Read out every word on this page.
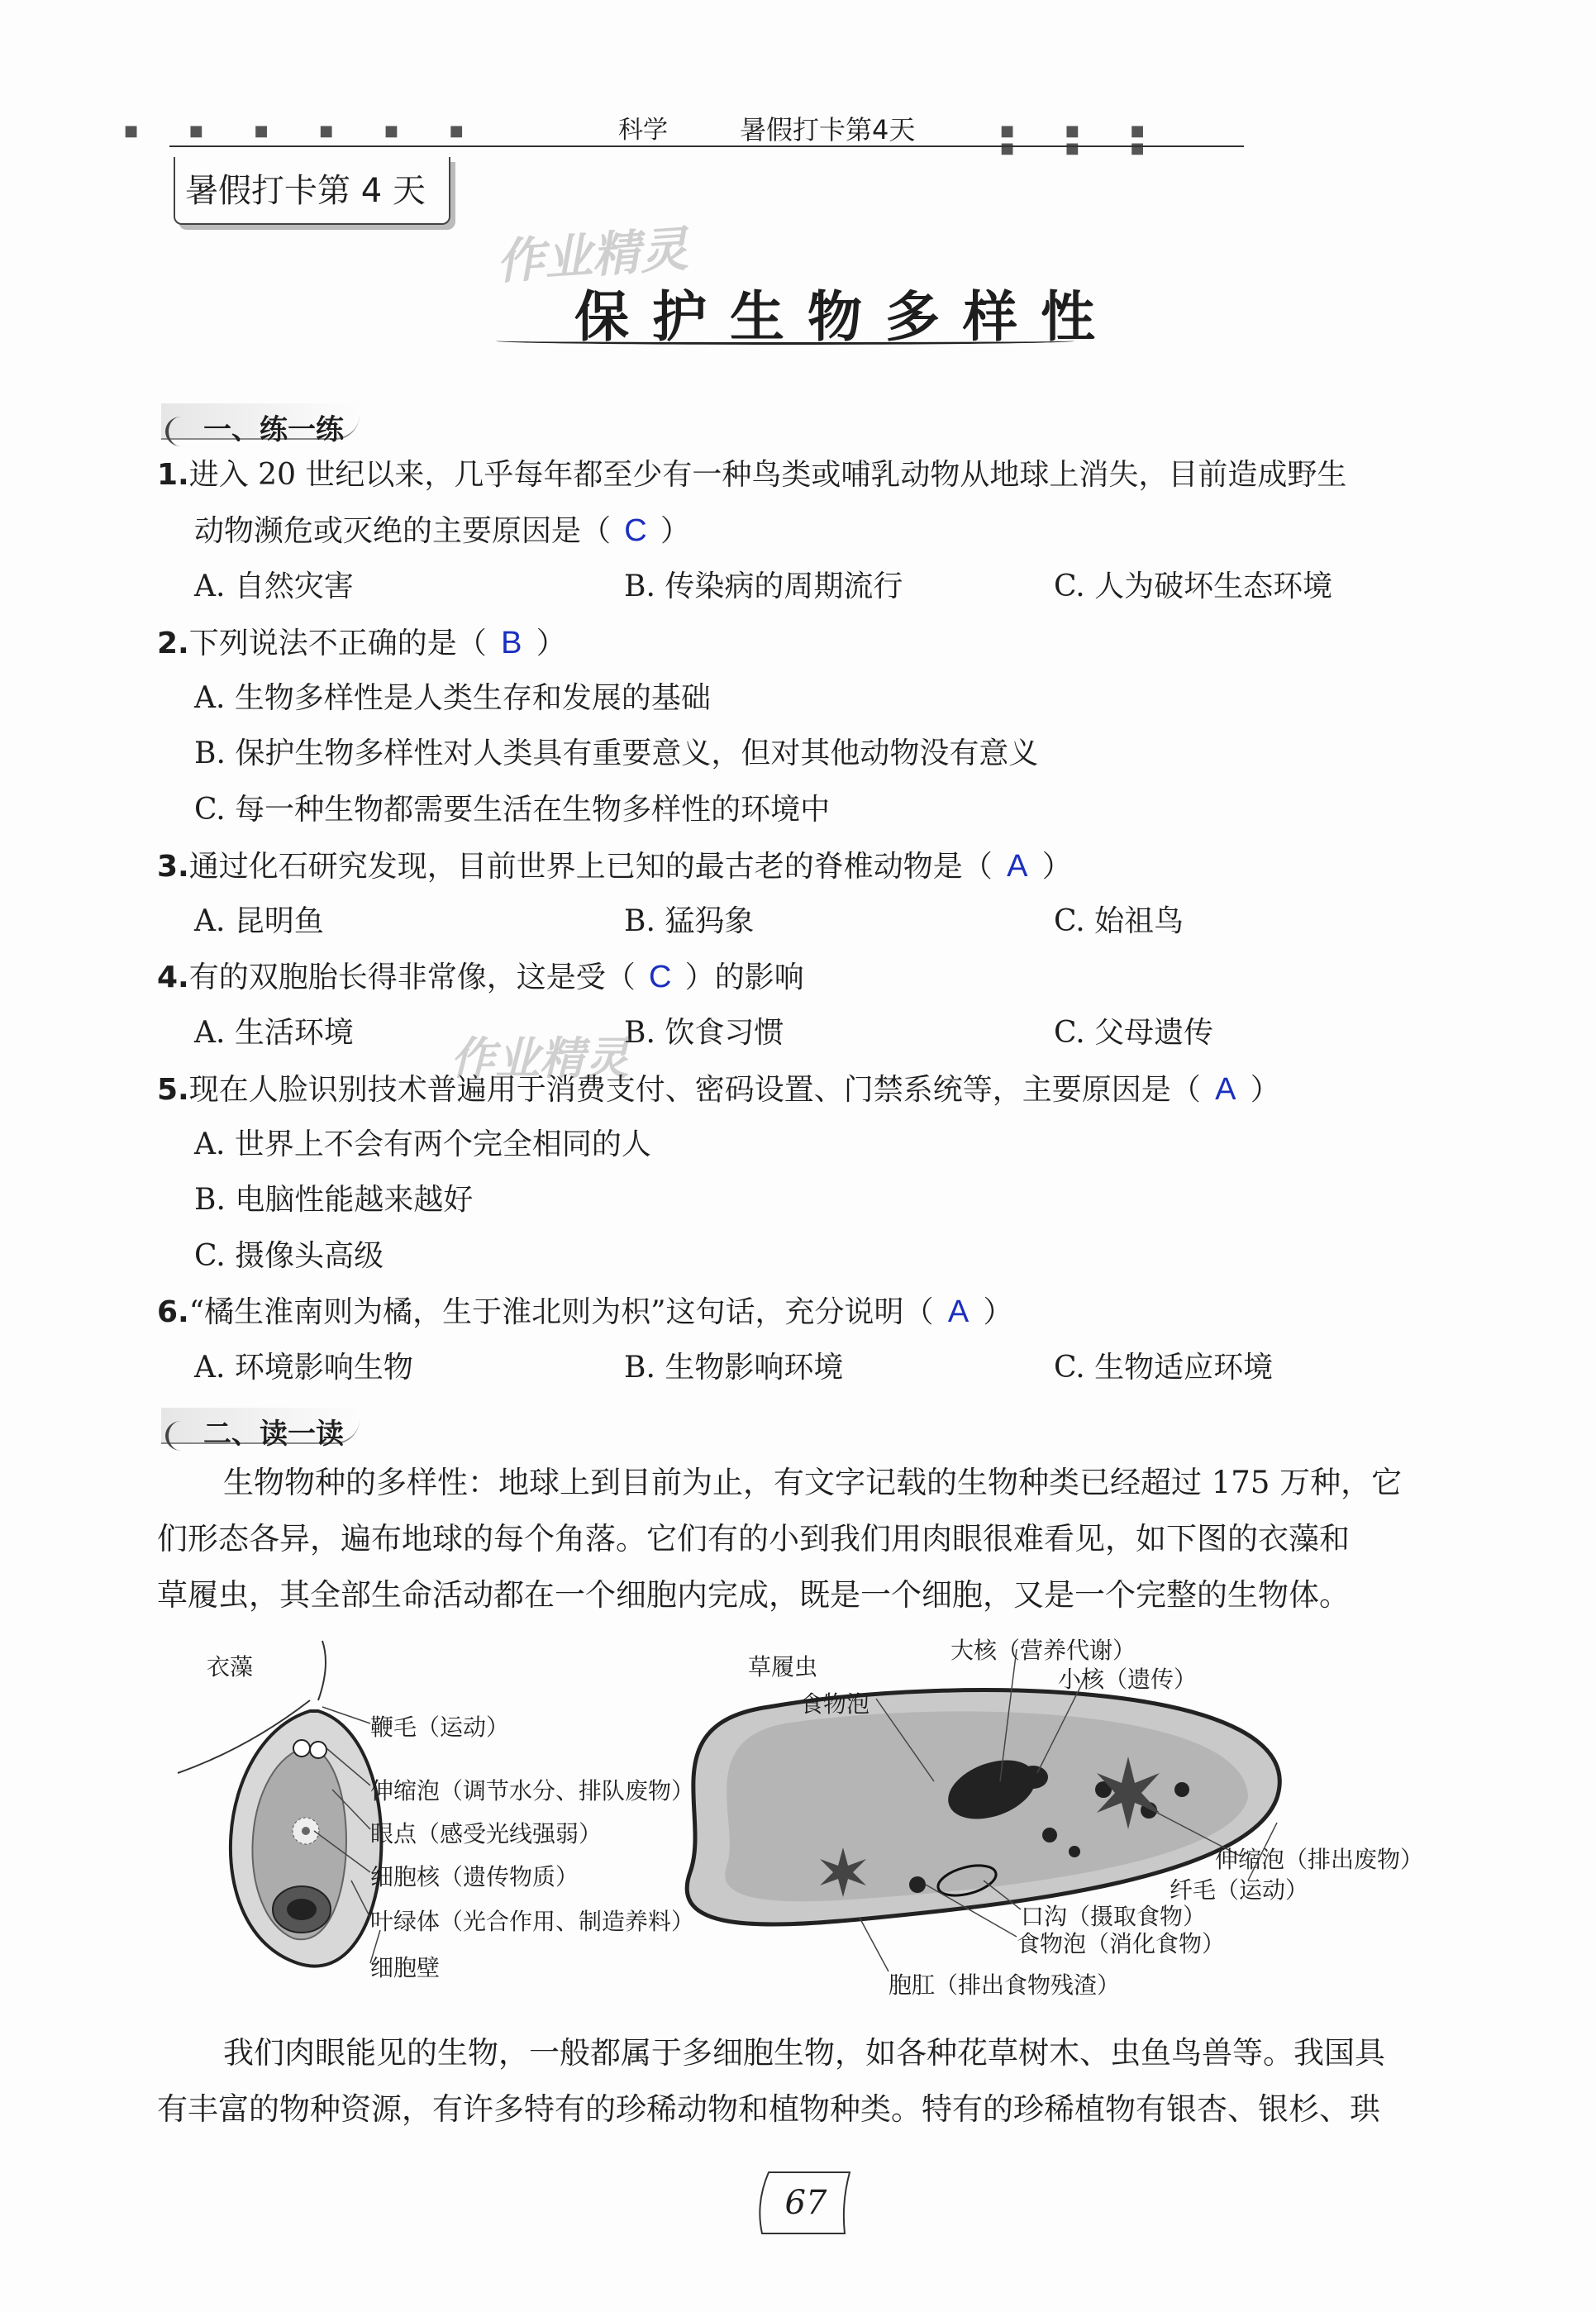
■ ■ ■ ■ ■ ■	科学	暑假打卡第4天	■ ■ ■ ■ ■ ■
暑假打卡第 4 天
作业精灵
保护生物多样性
一、练一练
1.进入 20 世纪以来，几乎每年都至少有一种鸟类或哺乳动物从地球上消失，目前造成野生
动物濒危或灭绝的主要原因是（ C ）
A. 自然灾害	B. 传染病的周期流行	C. 人为破坏生态环境
2.下列说法不正确的是（ B ）
A. 生物多样性是人类生存和发展的基础
B. 保护生物多样性对人类具有重要意义，但对其他动物没有意义
C. 每一种生物都需要生活在生物多样性的环境中
3.通过化石研究发现，目前世界上已知的最古老的脊椎动物是（ A ）
A. 昆明鱼	B. 猛犸象	C. 始祖鸟
4.有的双胞胎长得非常像，这是受（ C ）的影响
A. 生活环境	B. 饮食习惯	C. 父母遗传
作业精灵
5.现在人脸识别技术普遍用于消费支付、密码设置、门禁系统等，主要原因是（ A ）
A. 世界上不会有两个完全相同的人
B. 电脑性能越来越好
C. 摄像头高级
6.“橘生淮南则为橘，生于淮北则为枳”这句话，充分说明（ A ）
A. 环境影响生物	B. 生物影响环境	C. 生物适应环境
二、读一读
生物物种的多样性：地球上到目前为止，有文字记载的生物种类已经超过 175 万种，它
们形态各异，遍布地球的每个角落。它们有的小到我们用肉眼很难看见，如下图的衣藻和
草履虫，其全部生命活动都在一个细胞内完成，既是一个细胞，又是一个完整的生物体。
衣藻
鞭毛（运动）
伸缩泡（调节水分、排队废物）
眼点（感受光线强弱）
细胞核（遗传物质）
叶绿体（光合作用、制造养料）
细胞壁
草履虫
大核（营养代谢）
小核（遗传）
食物泡
伸缩泡（排出废物）
纤毛（运动）
口沟（摄取食物）
食物泡（消化食物）
胞肛（排出食物残渣）
我们肉眼能见的生物，一般都属于多细胞生物，如各种花草树木、虫鱼鸟兽等。我国具
有丰富的物种资源，有许多特有的珍稀动物和植物种类。特有的珍稀植物有银杏、银杉、珙
67
